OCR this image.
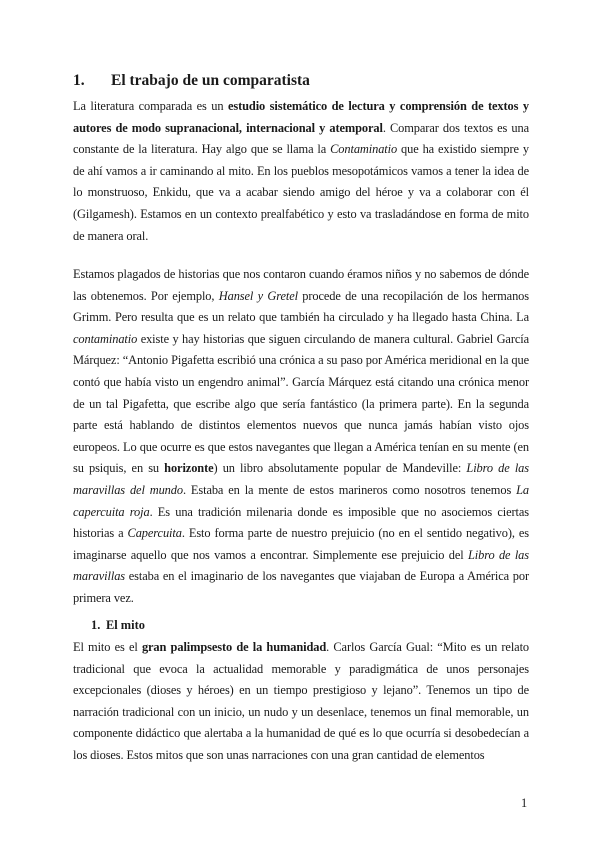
1. El trabajo de un comparatista

La literatura comparada es un estudio sistemático de lectura y comprensión de textos y autores de modo supranacional, internacional y atemporal. Comparar dos textos es una constante de la literatura. Hay algo que se llama la Contaminatio que ha existido siempre y de ahí vamos a ir caminando al mito. En los pueblos mesopotámicos vamos a tener la idea de lo monstruoso, Enkidu, que va a acabar siendo amigo del héroe y va a colaborar con él (Gilgamesh). Estamos en un contexto prealfabético y esto va trasladándose en forma de mito de manera oral.

Estamos plagados de historias que nos contaron cuando éramos niños y no sabemos de dónde las obtenemos. Por ejemplo, Hansel y Gretel procede de una recopilación de los hermanos Grimm. Pero resulta que es un relato que también ha circulado y ha llegado hasta China. La contaminatio existe y hay historias que siguen circulando de manera cultural. Gabriel García Márquez: “Antonio Pigafetta escribió una crónica a su paso por América meridional en la que contó que había visto un engendro animal”. García Márquez está citando una crónica menor de un tal Pigafetta, que escribe algo que sería fantástico (la primera parte). En la segunda parte está hablando de distintos elementos nuevos que nunca jamás habían visto ojos europeos. Lo que ocurre es que estos navegantes que llegan a América tenían en su mente (en su psiquis, en su horizonte) un libro absolutamente popular de Mandeville: Libro de las maravillas del mundo. Estaba en la mente de estos marineros como nosotros tenemos La capercuita roja. Es una tradición milenaria donde es imposible que no asociemos ciertas historias a Capercuita. Esto forma parte de nuestro prejuicio (no en el sentido negativo), es imaginarse aquello que nos vamos a encontrar. Simplemente ese prejuicio del Libro de las maravillas estaba en el imaginario de los navegantes que viajaban de Europa a América por primera vez.

1. El mito

El mito es el gran palimpsesto de la humanidad. Carlos García Gual: “Mito es un relato tradicional que evoca la actualidad memorable y paradigmática de unos personajes excepcionales (dioses y héroes) en un tiempo prestigioso y lejano”. Tenemos un tipo de narración tradicional con un inicio, un nudo y un desenlace, tenemos un final memorable, un componente didáctico que alertaba a la humanidad de qué es lo que ocurría si desobedecían a los dioses. Estos mitos que son unas narraciones con una gran cantidad de elementos

1
